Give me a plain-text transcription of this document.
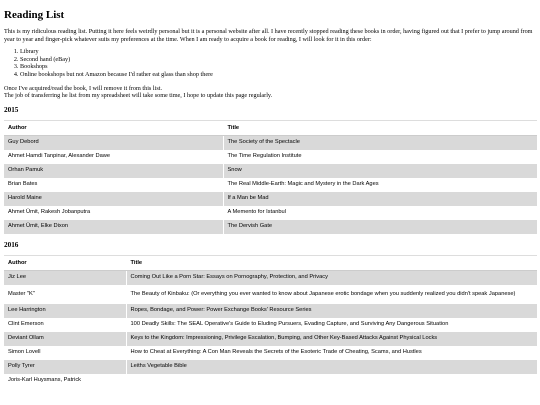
Reading List

This is my ridiculous reading list. Putting it here feels weirdly personal but it is a personal website after all. I have recently stopped reading these books in order, having figured out that I prefer to jump around from year to year and finger-pick whatever suits my preferences at the time. When I am ready to acquire a book for reading, I will look for it in this order:

1. Library
2. Second hand (eBay)
3. Bookshops
4. Online bookshops but not Amazon because I'd rather eat glass than shop there

Once I've acquired/read the book, I will remove it from this list.
The job of transferring he list from my spreadsheet will take some time, I hope to update this page regularly.

2015
Author	Title
Guy Debord	The Society of the Spectacle
Ahmet Hamdi Tanpinar, Alexander Dawe	The Time Regulation Institute
Orhan Pamuk	Snow
Brian Bates	The Real Middle-Earth: Magic and Mystery in the Dark Ages
Harold Maine	If a Man be Mad
Ahmet Ümit, Rakesh Jobanputra	A Memento for Istanbul
Ahmet Ümit, Elke Dixon	The Dervish Gate
2016
Author	Title
Jiz Lee	Coming Out Like a Porn Star: Essays on Pornography, Protection, and Privacy
Master "K"	The Beauty of Kinbaku: (Or everything you ever wanted to know about Japanese erotic bondage when you suddenly realized you didn't speak Japanese)
Lee Harrington	Ropes, Bondage, and Power: Power Exchange Books' Resource Series
Clint Emerson	100 Deadly Skills: The SEAL Operative's Guide to Eluding Pursuers, Evading Capture, and Surviving Any Dangerous Situation
Deviant Ollam	Keys to the Kingdom: Impressioning, Privilege Escalation, Bumping, and Other Key-Based Attacks Against Physical Locks
Simon Lovell	How to Cheat at Everything: A Con Man Reveals the Secrets of the Esoteric Trade of Cheating, Scams, and Hustles
Polly Tyrer	Leiths Vegetable Bible
Joris-Karl Huysmans, Patrick	
